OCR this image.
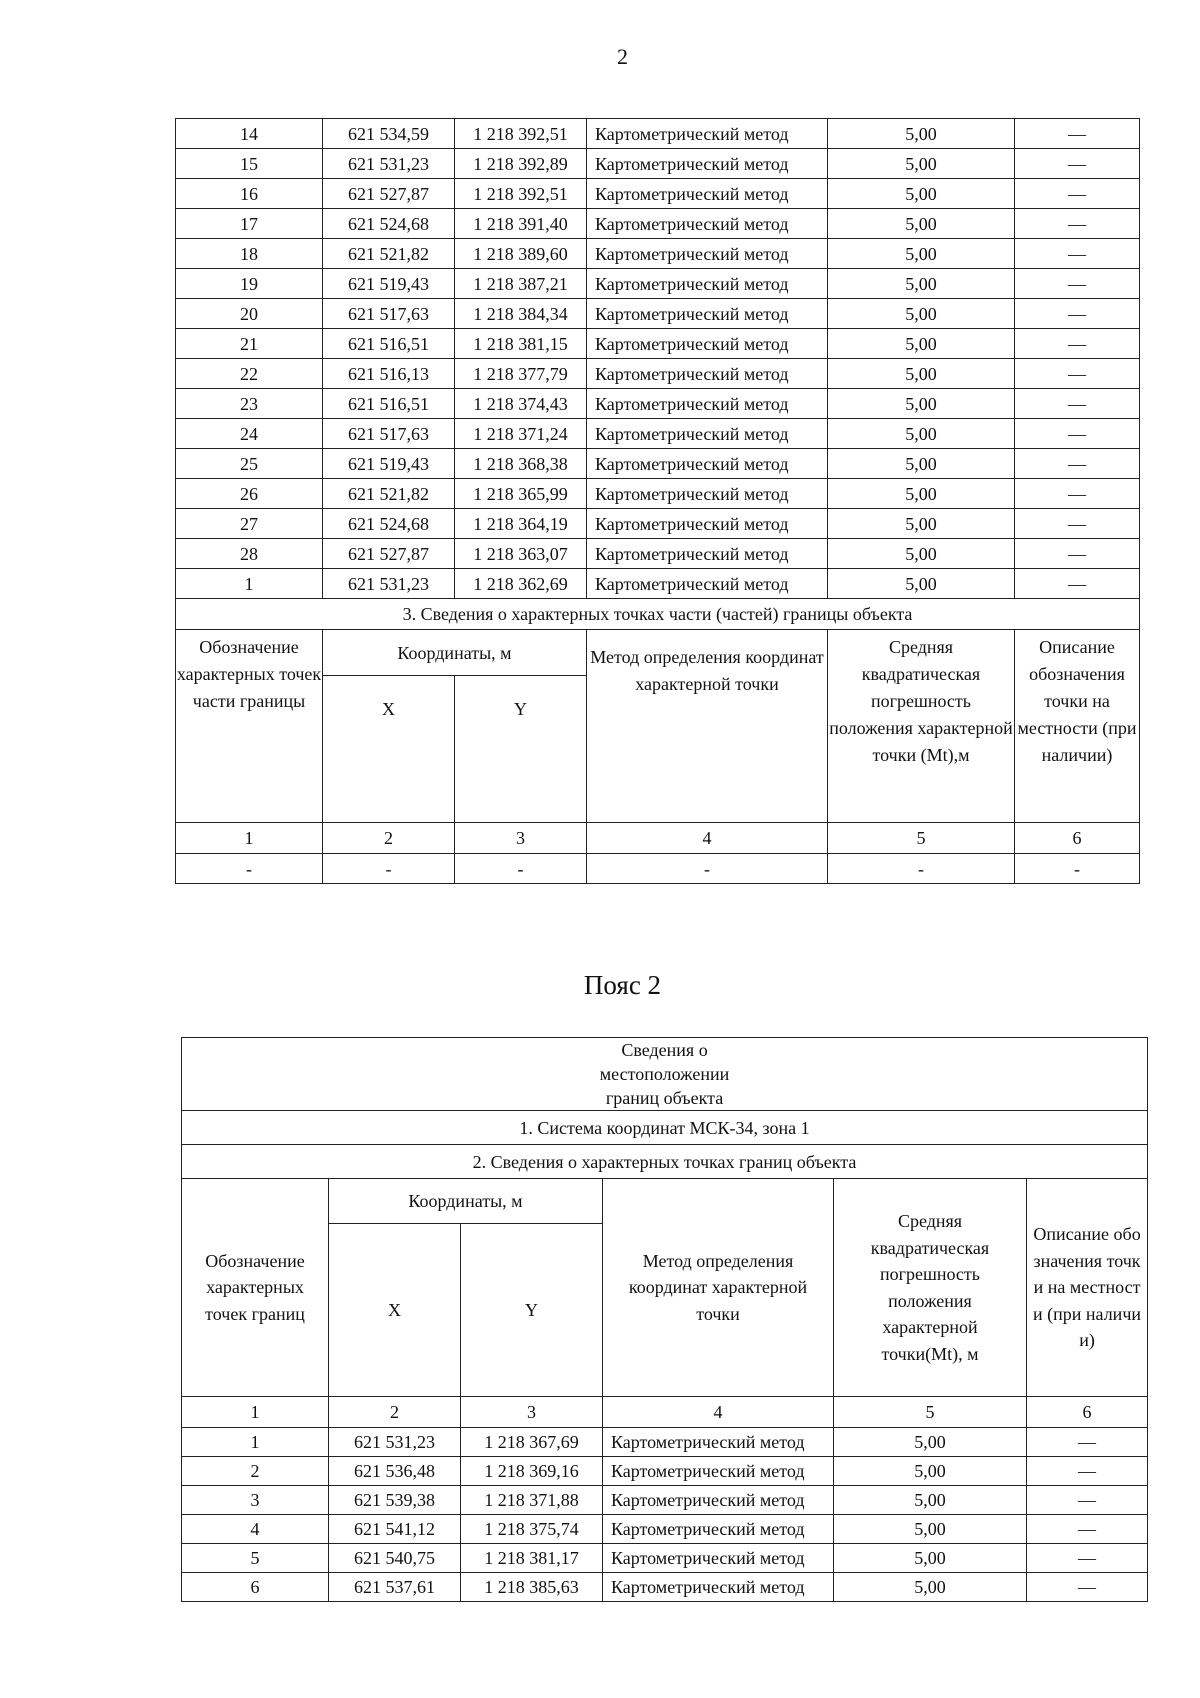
2
14	621 534,59	1 218 392,51	Картометрический метод	5,00	—
15	621 531,23	1 218 392,89	Картометрический метод	5,00	—
16	621 527,87	1 218 392,51	Картометрический метод	5,00	—
17	621 524,68	1 218 391,40	Картометрический метод	5,00	—
18	621 521,82	1 218 389,60	Картометрический метод	5,00	—
19	621 519,43	1 218 387,21	Картометрический метод	5,00	—
20	621 517,63	1 218 384,34	Картометрический метод	5,00	—
21	621 516,51	1 218 381,15	Картометрический метод	5,00	—
22	621 516,13	1 218 377,79	Картометрический метод	5,00	—
23	621 516,51	1 218 374,43	Картометрический метод	5,00	—
24	621 517,63	1 218 371,24	Картометрический метод	5,00	—
25	621 519,43	1 218 368,38	Картометрический метод	5,00	—
26	621 521,82	1 218 365,99	Картометрический метод	5,00	—
27	621 524,68	1 218 364,19	Картометрический метод	5,00	—
28	621 527,87	1 218 363,07	Картометрический метод	5,00	—
1	621 531,23	1 218 362,69	Картометрический метод	5,00	—
3. Сведения о характерных точках части (частей) границы объекта					
Обозначение характерных точек части границы	Координаты, м		Метод определения координат характерной точки	Средняя квадратическая погрешность положения характерной точки (Mt),м	Описание обозначения точки на местности (при наличии)
	X	Y			
1	2	3	4	5	6
-	-	-	-	-	-
Пояс 2
Сведения о местоположении границ объекта					
1. Система координат МСК-34, зона 1					
2. Сведения о характерных точках границ объекта					
Обозначение характерных точек границ	Координаты, м		Метод определения координат характерной точки	Средняя квадратическая погрешность положения характерной точки(Mt), м	Описание обозначения точки на местности (при наличии)
	X	Y			
1	2	3	4	5	6
1	621 531,23	1 218 367,69	Картометрический метод	5,00	—
2	621 536,48	1 218 369,16	Картометрический метод	5,00	—
3	621 539,38	1 218 371,88	Картометрический метод	5,00	—
4	621 541,12	1 218 375,74	Картометрический метод	5,00	—
5	621 540,75	1 218 381,17	Картометрический метод	5,00	—
6	621 537,61	1 218 385,63	Картометрический метод	5,00	—
